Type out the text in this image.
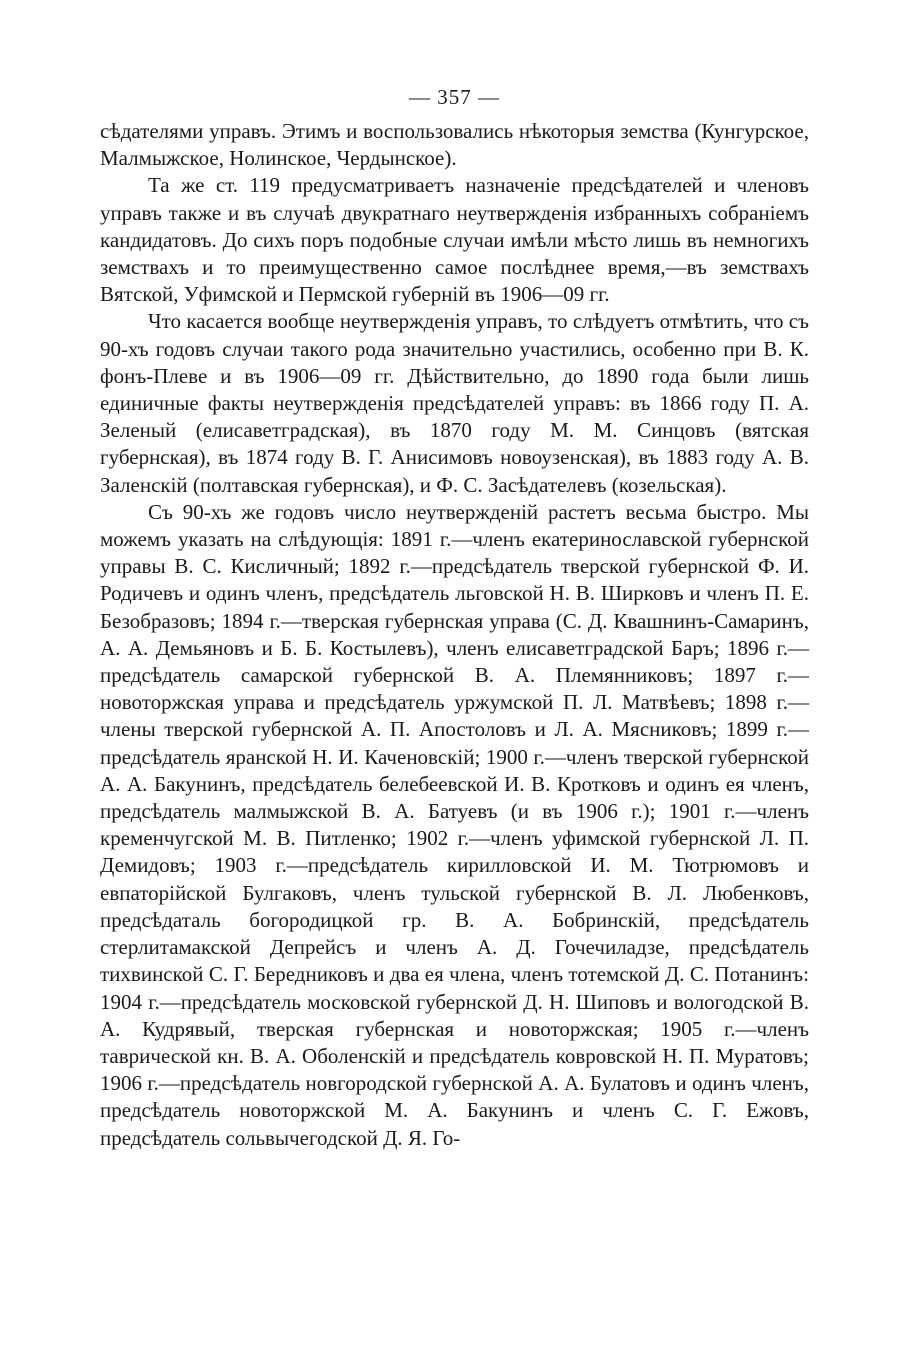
— 357 —

сѣдателями управъ. Этимъ и воспользовались нѣкоторыя земства (Кунгурское, Малмыжское, Нолинское, Чердынское).

Та же ст. 119 предусматриваетъ назначеніе предсѣдателей и членовъ управъ также и въ случаѣ двукратнаго неутвержденія избранныхъ собраніемъ кандидатовъ. До сихъ поръ подобные случаи имѣли мѣсто лишь въ немногихъ земствахъ и то преимущественно самое послѣднее время,—въ земствахъ Вятской, Уфимской и Пермской губерній въ 1906—09 гг.

Что касается вообще неутвержденія управъ, то слѣдуетъ отмѣтить, что съ 90-хъ годовъ случаи такого рода значительно участились, особенно при В. К. фонъ-Плеве и въ 1906—09 гг. Дѣйствительно, до 1890 года были лишь единичные факты неутвержденія предсѣдателей управъ: въ 1866 году П. А. Зеленый (елисаветградская), въ 1870 году М. М. Синцовъ (вятская губернская), въ 1874 году В. Г. Анисимовъ новоузенская), въ 1883 году А. В. Заленскій (полтавская губернская), и Ф. С. Засѣдателевъ (козельская).

Съ 90-хъ же годовъ число неутвержденій растетъ весьма быстро. Мы можемъ указать на слѣдующія: 1891 г.—членъ екатеринославской губернской управы В. С. Кисличный; 1892 г.—предсѣдатель тверской губернской Ф. И. Родичевъ и одинъ членъ, предсѣдатель льговской Н. В. Ширковъ и членъ П. Е. Безобразовъ; 1894 г.—тверская губернская управа (С. Д. Квашнинъ-Самаринъ, А. А. Демьяновъ и Б. Б. Костылевъ), членъ елисаветградской Баръ; 1896 г.—предсѣдатель самарской губернской В. А. Племянниковъ; 1897 г.—новоторжская управа и предсѣдатель уржумской П. Л. Матвѣевъ; 1898 г.—члены тверской губернской А. П. Апостоловъ и Л. А. Мясниковъ; 1899 г.—предсѣдатель яранской Н. И. Каченовскій; 1900 г.—членъ тверской губернской А. А. Бакунинъ, предсѣдатель белебеевской И. В. Кротковъ и одинъ ея членъ, предсѣдатель малмыжской В. А. Батуевъ (и въ 1906 г.); 1901 г.—членъ кременчугской М. В. Питленко; 1902 г.—членъ уфимской губернской Л. П. Демидовъ; 1903 г.—предсѣдатель кирилловской И. М. Тютрюмовъ и евпаторійской Булгаковъ, членъ тульской губернской В. Л. Любенковъ, предсѣдаталь богородицкой гр. В. А. Бобринскій, предсѣдатель стерлитамакской Депрейсъ и членъ А. Д. Гочечиладзе, предсѣдатель тихвинской С. Г. Бередниковъ и два ея члена, членъ тотемской Д. С. Потанинъ: 1904 г.—предсѣдатель московской губернской Д. Н. Шиповъ и вологодской В. А. Кудрявый, тверская губернская и новоторжская; 1905 г.—членъ таврической кн. В. А. Оболенскій и предсѣдатель ковровской Н. П. Муратовъ; 1906 г.—предсѣдатель новгородской губернской А. А. Булатовъ и одинъ членъ, предсѣдатель новоторжской М. А. Бакунинъ и членъ С. Г. Ежовъ, предсѣдатель сольвычегодской Д. Я. Го-
